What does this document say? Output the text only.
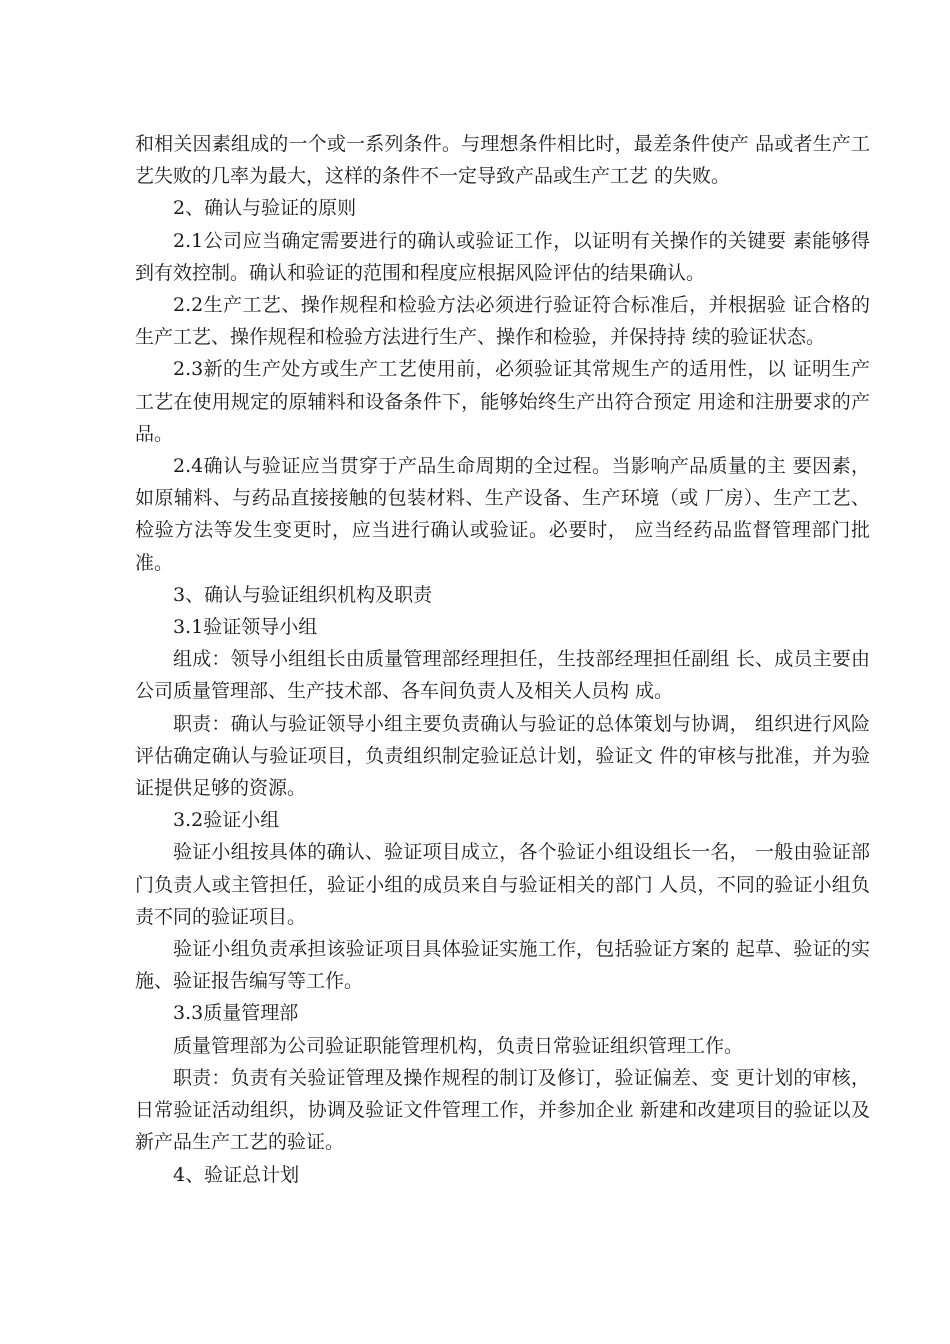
和相关因素组成的一个或一系列条件。与理想条件相比时，最差条件使产 品或者生产工艺失败的几率为最大，这样的条件不一定导致产品或生产工艺 的失败。

2、确认与验证的原则

2.1公司应当确定需要进行的确认或验证工作，以证明有关操作的关键要 素能够得到有效控制。确认和验证的范围和程度应根据风险评估的结果确认。

2.2生产工艺、操作规程和检验方法必须进行验证符合标准后，并根据验 证合格的生产工艺、操作规程和检验方法进行生产、操作和检验，并保持持 续的验证状态。

2.3新的生产处方或生产工艺使用前，必须验证其常规生产的适用性，以 证明生产工艺在使用规定的原辅料和设备条件下，能够始终生产出符合预定 用途和注册要求的产品。

2.4确认与验证应当贯穿于产品生命周期的全过程。当影响产品质量的主 要因素，如原辅料、与药品直接接触的包装材料、生产设备、生产环境（或 厂房）、生产工艺、检验方法等发生变更时，应当进行确认或验证。必要时， 应当经药品监督管理部门批准。

3、确认与验证组织机构及职责

3.1验证领导小组

组成：领导小组组长由质量管理部经理担任，生技部经理担任副组 长、成员主要由公司质量管理部、生产技术部、各车间负责人及相关人员构 成。

职责：确认与验证领导小组主要负责确认与验证的总体策划与协调， 组织进行风险评估确定确认与验证项目，负责组织制定验证总计划，验证文 件的审核与批准，并为验证提供足够的资源。

3.2验证小组

验证小组按具体的确认、验证项目成立，各个验证小组设组长一名， 一般由验证部门负责人或主管担任，验证小组的成员来自与验证相关的部门 人员，不同的验证小组负责不同的验证项目。

验证小组负责承担该验证项目具体验证实施工作，包括验证方案的 起草、验证的实施、验证报告编写等工作。

3.3质量管理部

质量管理部为公司验证职能管理机构，负责日常验证组织管理工作。

职责：负责有关验证管理及操作规程的制订及修订，验证偏差、变 更计划的审核，日常验证活动组织，协调及验证文件管理工作，并参加企业 新建和改建项目的验证以及新产品生产工艺的验证。

4、验证总计划
